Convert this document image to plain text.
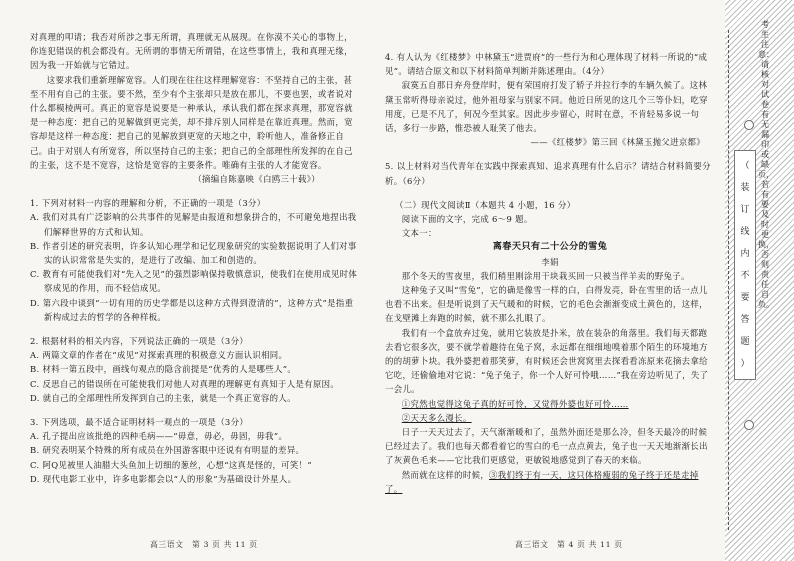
对真理的叩请；我否对所涉之事无所谓，真理就无从展现。在你漠不关心的事物上，你连犯错误的机会都没有。无所谓的事情无所谓错，在这些事情上，我和真理无缘，因为我一开始就与它错过。

这要求我们重新理解宽容。人们现在往往这样理解宽容：不坚持自己的主张，甚至不用有自己的主张。要不然，至少有个主张却只是放在那儿，不要也罢，或者说对什么都模棱两可。真正的宽容是说要是一种承认，承认我们都在探求真理，那宽容就是一种态度：把自己的见解做到更完美，却不排斥别人同样是在靠近真理。然而，宽容却是这样一种态度：把自己的见解放到更宽的天地之中，聆听他人，准备修正自己。由于对别人有所宽容，所以坚持自己的主张；把自己的全部理性所发挥的在自己的主张，这不是不宽容，这恰是宽容的主要条件。唯确有主张的人才能宽容。

（摘编自陈嘉映《白鸥三十载》）

1. 下列对材料一内容的理解和分析，不正确的一项是（3分）

A. 我们对具有广泛影响的公共事件的见解是由报道和想象拼合的，不可避免地捏出我们解释世界的方式和认知。

B. 作者引述的研究表明，许多认知心理学和记忆现象研究的实验数据说明了人们对事实的认识常常是失实的，是进行了改编、加工和创造的。

C. 教育有可能使我们对“先入之见”的强烈影响保持敬慎意识，使我们在使用成见时体察成见的作用，而不轻信成见。

D. 第六段中谈到“一切有用的历史学都是以这种方式得到澄清的”，这种方式”是指重新构成过去的哲学的各种样板。

2. 根据材料的相关内容，下列说法正确的一项是（3分）

A. 两篇文章的作者在“成见”对探索真理的积极意义方面认识相同。

B. 材料一第五段中，画线句观点的隐含前提是“优秀的人是哪些人”。

C. 反思自己的错误所在可能使我们对他人对真理的理解更有真知于人是有原因。

D. 就自己的全部理性所发挥到自己的主张，就是一个真正宽容的人。

3. 下列选项，最不适合证明材料一观点的一项是（3分）

A. 孔子提出应该批绝的四种毛病——“毋意，毋必，毋固，毋我”。

B. 研究表明某个特殊的所有成员在外国游客眼中还说有有明显的差异。

C. 阿Q见被里人油腊大头鱼加上切细的葱丝，心想“这真是怪的，可笑！”

D. 现代电影工业中，许多电影都会以“人的形象”为基础设计外星人。

高三语文　第 3 页 共 11 页

4. 有人认为《红楼梦》中林黛玉“进贾府”的一些行为和心理体现了材料一所说的“成见”。请结合原文和以下材料简单判断并陈述理由。（4分）

寂寞五自那日弃舟登岸时，便有荣国府打发了轿子并拉行李的车辆久候了。这林黛玉常听得母亲说过，他外祖母家与别家不同。他近日所见的这几个三等仆妇，吃穿用度，已是不凡了，何况今至其家。因此步步留心，时时在意，不肯轻易多说一句话，多行一步路，惟恐被人耻笑了他去。

——《红楼梦》第三回《林黛玉抛父进京都》

5. 以上材料对当代青年在实践中探索真知、追求真理有什么启示？请结合材料简要分析。（6分）

（二）现代文阅读Ⅱ（本题共 4 小题，16 分）

阅读下面的文字，完成 6～9 题。

文本一：

离春天只有二十公分的雪兔

李娟

那个冬天的雪夜里，我们稍里刚涂用干块栽买回一只被当伴羊卖的野兔子。

这种兔子又叫“雪兔”，它的确是像雪一样的白，白得发亮，卧在雪里的话一点儿也看不出来。但是听说到了天气暖和的时候，它的毛色会渐渐变成土黄色的，这样，在戈壁滩上奔跑的时候，就不那么扎眼了。

我们有一个盒放弃过兔，就用它装放是扑米，放在装杂的角落里。我们每天都跑去看它很多次，要不就学着趣待在兔子窝，永远都在细细地嗅着那个陌生的环境地方的的胡萝卜块。我外婆把着那笑萝，有时候还会世窝窝里去探看看冻原来花摘去拿给它吃，还偷偷地对它说：“兔子兔子，你一个人好可怜哦……”我在旁边听见了，失了一会儿。

①究然也觉得这兔子真的好可怜，又觉得外婆也好可怜……

②天天多么漫长。

日子一天天过去了，天气渐渐暖和了，虽然外面还是那么冷，但冬天最冷的时候已经过去了。我们也每天都看着它的雪白的毛一点点黄去，兔子也一天天地渐渐长出了灰黄色毛来——它比我们更感觉，更敏锐地感觉到了春天的来临。

然而就在这样的时候，③我们终于有一天，这只体格瘦弱的兔子终于还是走掉了。

高三语文　第 4 页 共 11 页
（
装
订
线
内
不
要
答
题
）
考生注意：请核对试卷有无漏印或缺页，若有要及时更换，否则责任自负。
